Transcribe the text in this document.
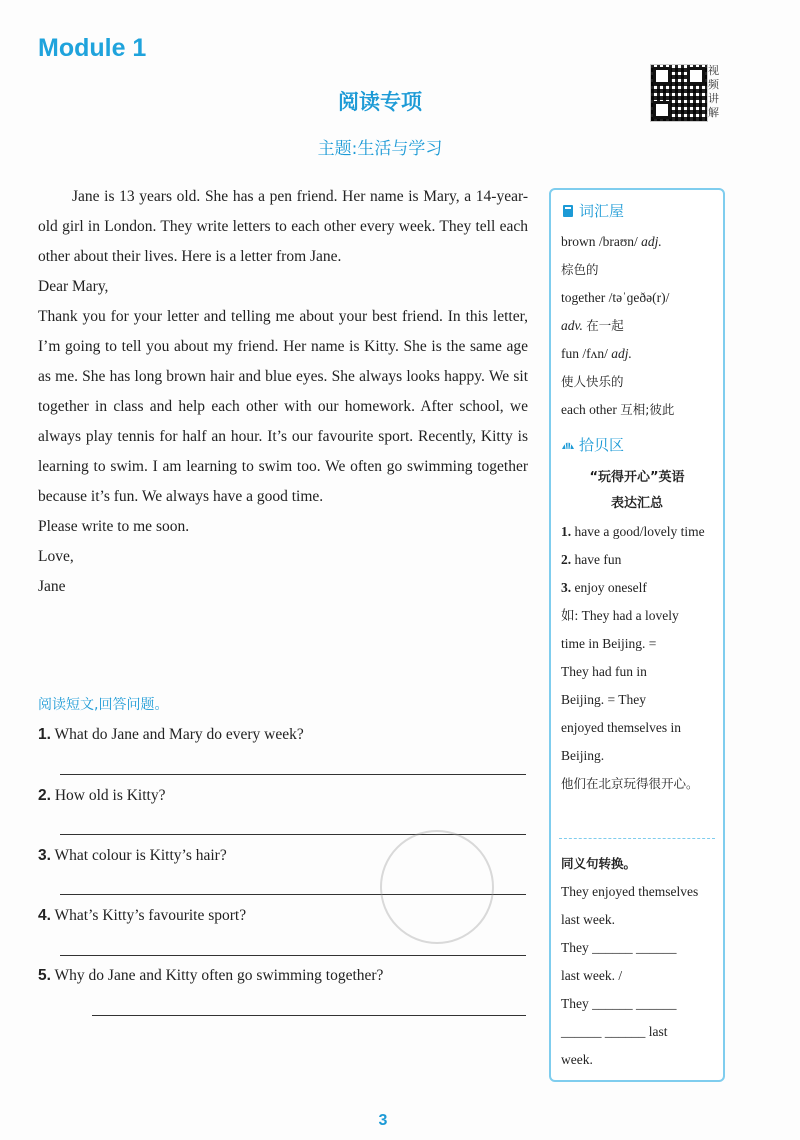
Module 1
视频讲解
阅读专项
主题:生活与学习

Jane is 13 years old. She has a pen friend. Her name is Mary, a 14-year-old girl in London. They write letters to each other every week. They tell each other about their lives. Here is a letter from Jane.

Dear Mary,

Thank you for your letter and telling me about your best friend. In this letter, I’m going to tell you about my friend. Her name is Kitty. She is the same age as me. She has long brown hair and blue eyes. She always looks happy. We sit together in class and help each other with our homework. After school, we always play tennis for half an hour. It’s our favourite sport. Recently, Kitty is learning to swim. I am learning to swim too. We often go swimming together because it’s fun. We always have a good time.

Please write to me soon.

Love,

Jane

阅读短文,回答问题。
1. What do Jane and Mary do every week?
2. How old is Kitty?
3. What colour is Kitty’s hair?
4. What’s Kitty’s favourite sport?
5. Why do Jane and Kitty often go swimming together?
词汇屋
brown /braʊn/ adj.
棕色的
together /təˈɡeðə(r)/
adv. 在一起
fun /fʌn/ adj.
使人快乐的
each other 互相;彼此
拾贝区
“玩得开心”英语
表达汇总
1. have a good/lovely time
2. have fun
3. enjoy oneself
如: They had a lovely
time in Beijing. =
They had fun in
Beijing. = They
enjoyed themselves in
Beijing.
他们在北京玩得很开心。
同义句转换。
They enjoyed themselves
last week.
They ______ ______
last week. /
They ______ ______
______ ______ last
week.
3
